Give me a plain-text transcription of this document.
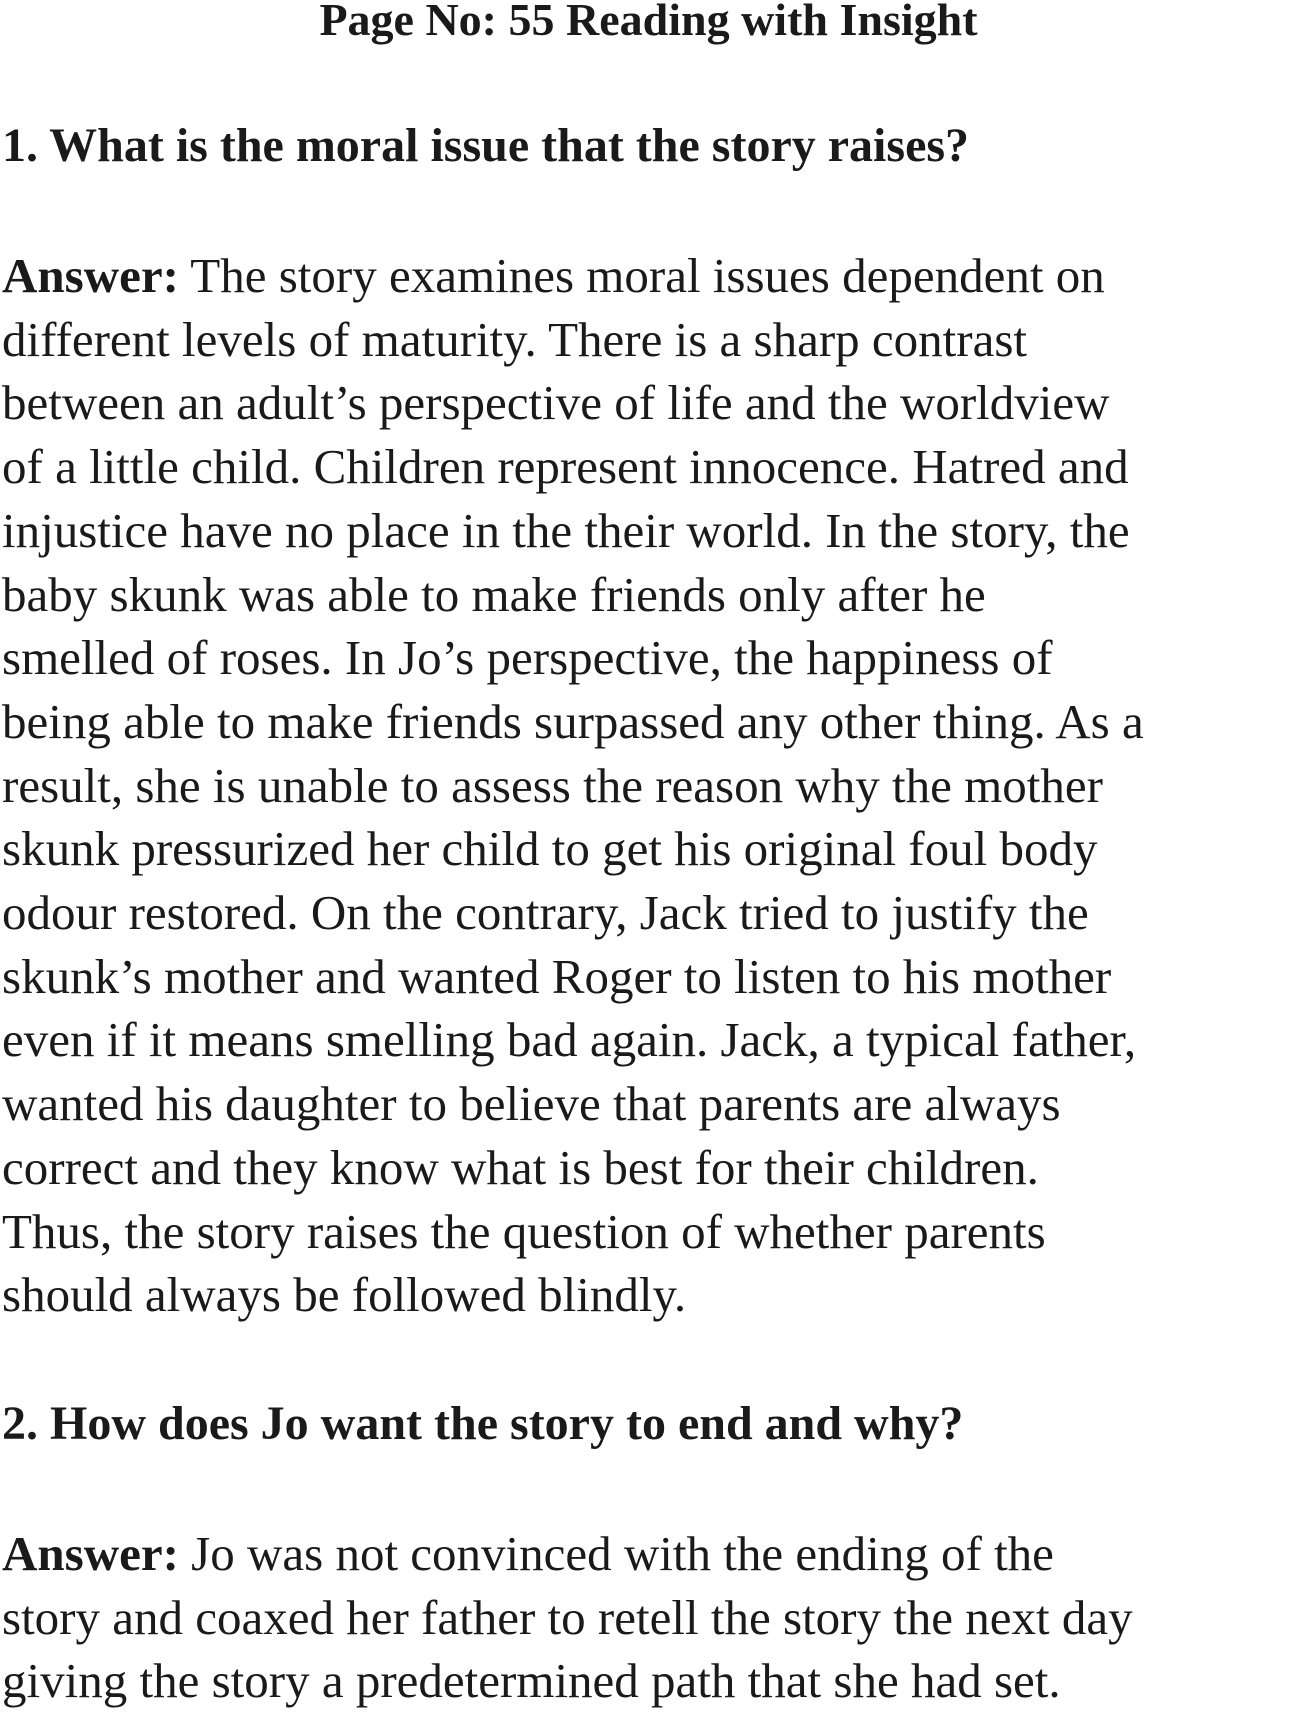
Page No: 55 Reading with Insight
1. What is the moral issue that the story raises?
Answer: The story examines moral issues dependent on
different levels of maturity. There is a sharp contrast
between an adult’s perspective of life and the worldview
of a little child. Children represent innocence. Hatred and
injustice have no place in the their world. In the story, the
baby skunk was able to make friends only after he
smelled of roses. In Jo’s perspective, the happiness of
being able to make friends surpassed any other thing. As a
result, she is unable to assess the reason why the mother
skunk pressurized her child to get his original foul body
odour restored. On the contrary, Jack tried to justify the
skunk’s mother and wanted Roger to listen to his mother
even if it means smelling bad again. Jack, a typical father,
wanted his daughter to believe that parents are always
correct and they know what is best for their children.
Thus, the story raises the question of whether parents
should always be followed blindly.
2. How does Jo want the story to end and why?
Answer: Jo was not convinced with the ending of the
story and coaxed her father to retell the story the next day
giving the story a predetermined path that she had set.
